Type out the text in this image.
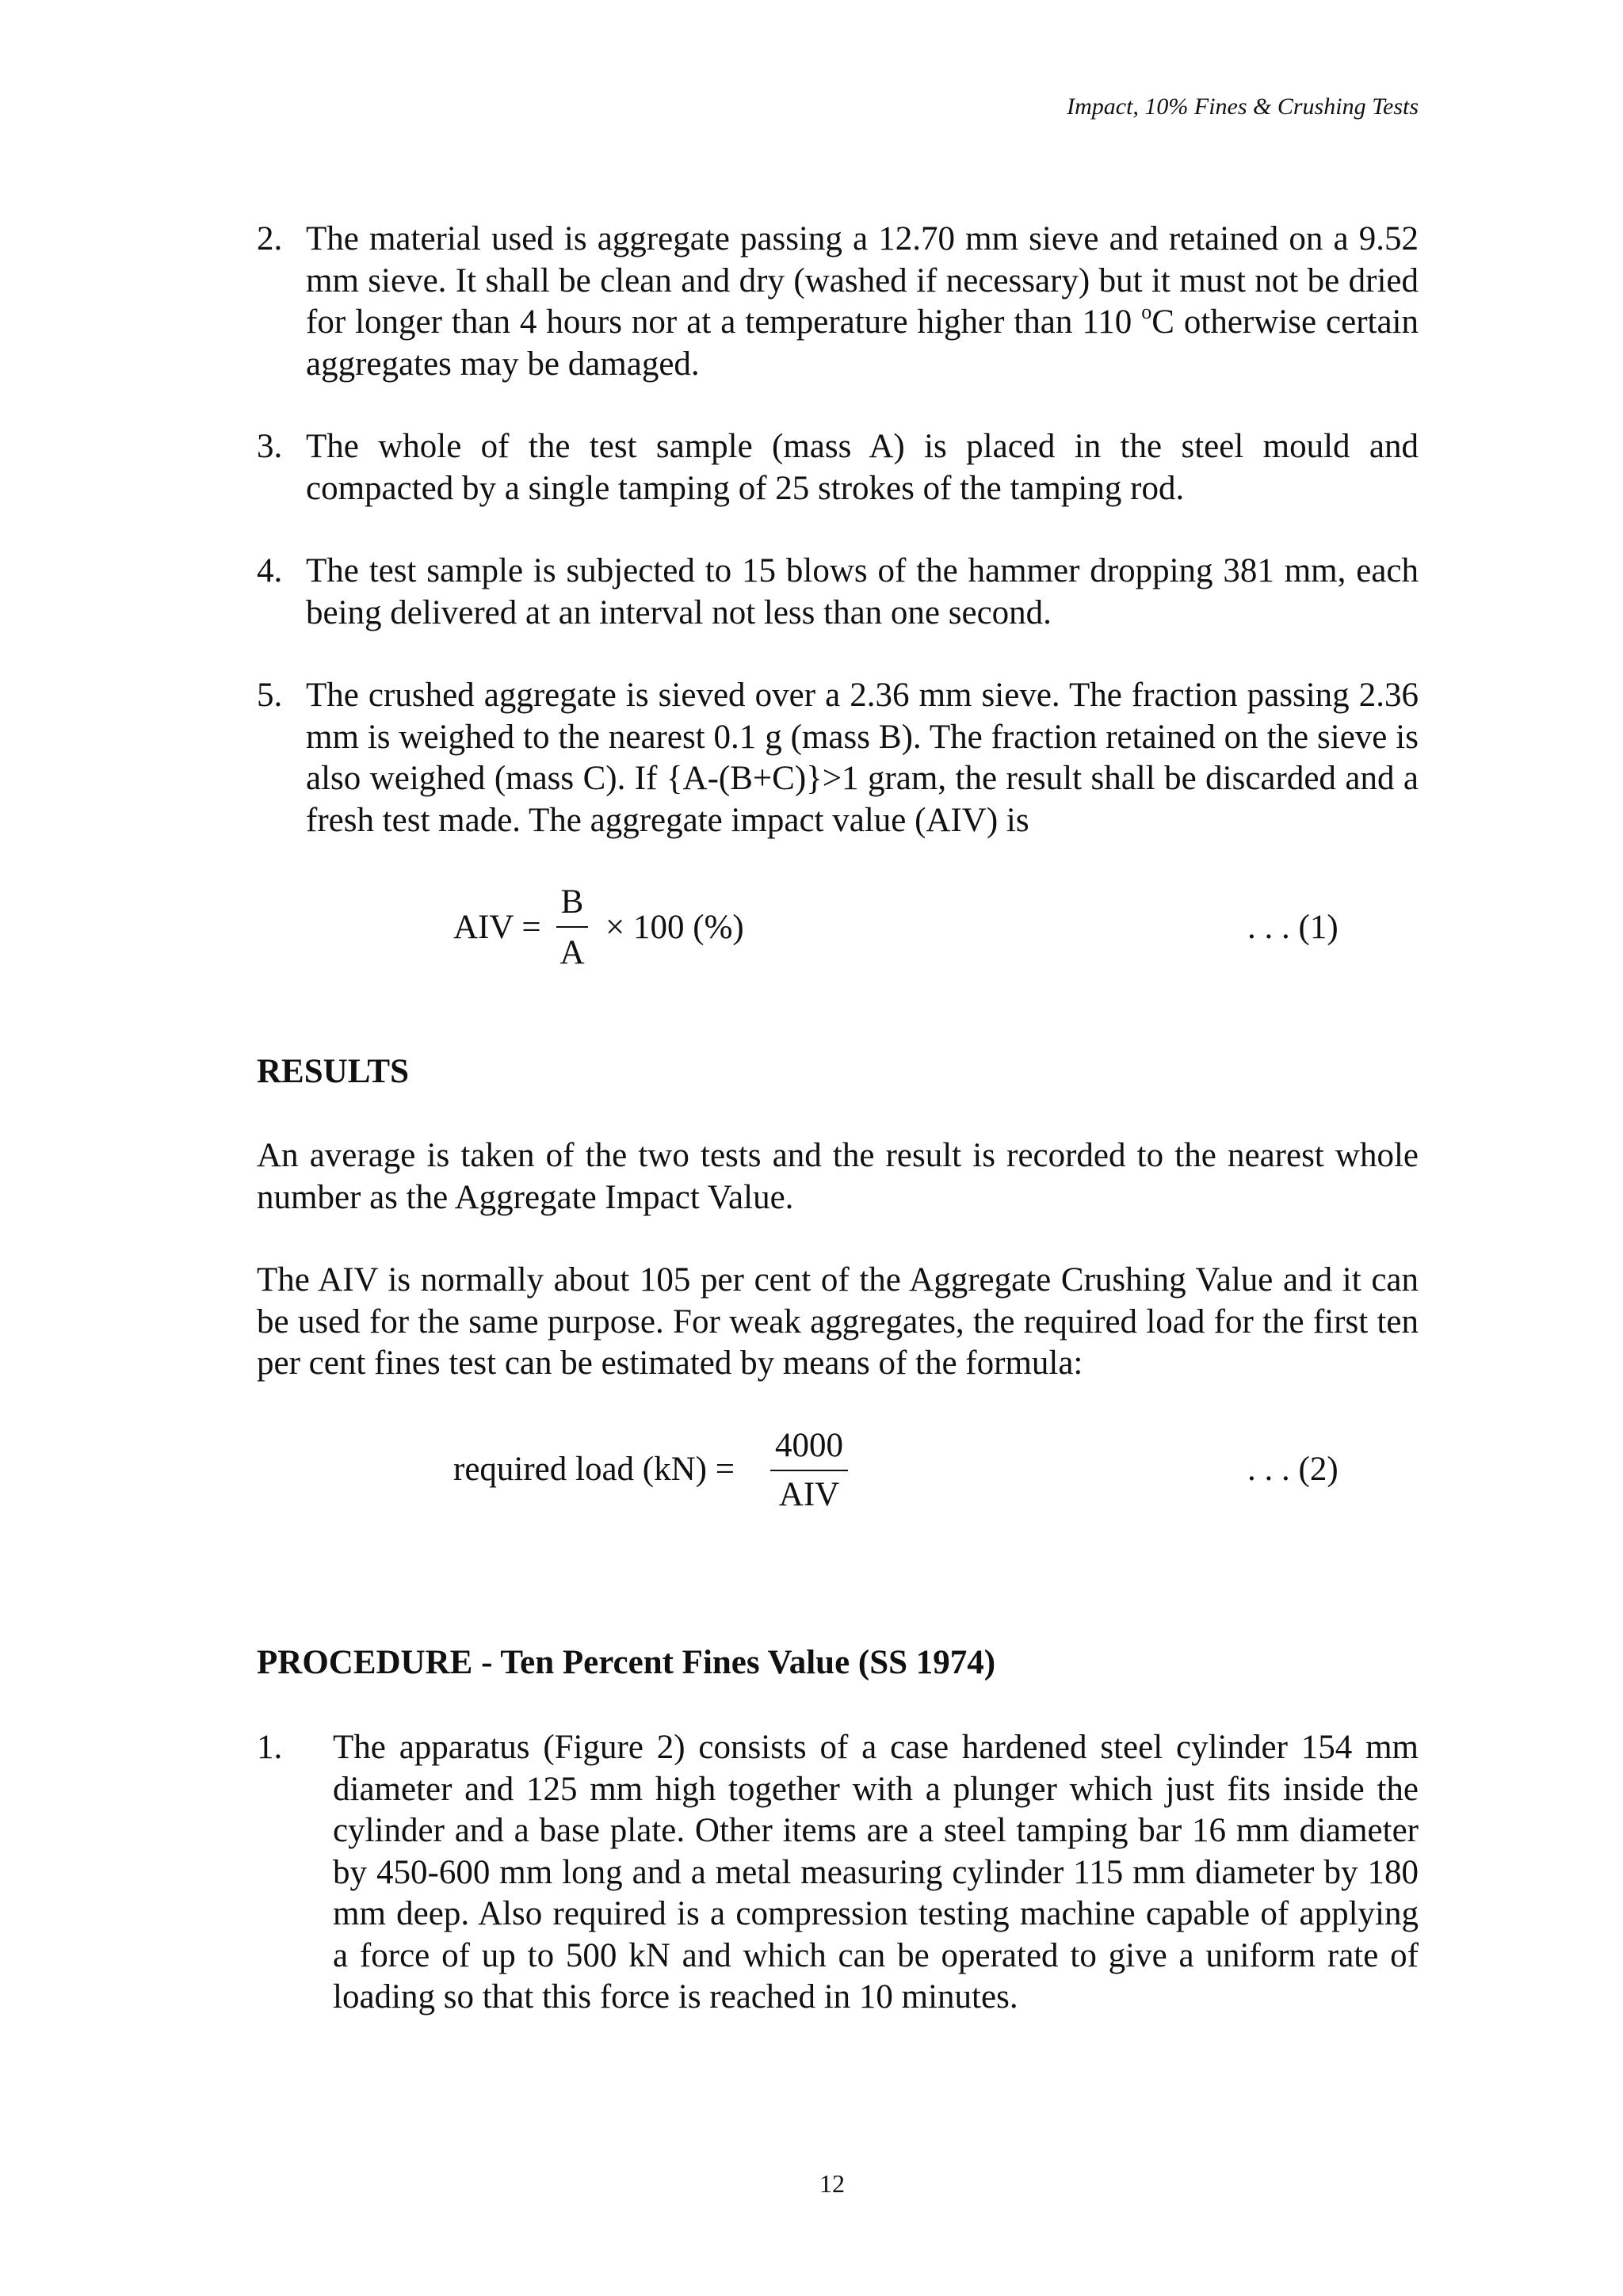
Impact, 10% Fines & Crushing Tests
2. The material used is aggregate passing a 12.70 mm sieve and retained on a 9.52 mm sieve. It shall be clean and dry (washed if necessary) but it must not be dried for longer than 4 hours nor at a temperature higher than 110 $^o$C otherwise certain aggregates may be damaged.
3. The whole of the test sample (mass A) is placed in the steel mould and compacted by a single tamping of 25 strokes of the tamping rod.
4. The test sample is subjected to 15 blows of the hammer dropping 381 mm, each being delivered at an interval not less than one second.
5. The crushed aggregate is sieved over a 2.36 mm sieve. The fraction passing 2.36 mm is weighed to the nearest 0.1 g (mass B). The fraction retained on the sieve is also weighed (mass C). If {A-(B+C)}>1 gram, the result shall be discarded and a fresh test made. The aggregate impact value (AIV) is
AIV =
B
A
× 100 (%)	. . . (1)
RESULTS
An average is taken of the two tests and the result is recorded to the nearest whole number as the Aggregate Impact Value.
The AIV is normally about 105 per cent of the Aggregate Crushing Value and it can be used for the same purpose. For weak aggregates, the required load for the first ten per cent fines test can be estimated by means of the formula:
required load (kN) =
4000
AIV
. . . (2)
PROCEDURE - Ten Percent Fines Value (SS 1974)
1. The apparatus (Figure 2) consists of a case hardened steel cylinder 154 mm diameter and 125 mm high together with a plunger which just fits inside the cylinder and a base plate. Other items are a steel tamping bar 16 mm diameter by 450-600 mm long and a metal measuring cylinder 115 mm diameter by 180 mm deep. Also required is a compression testing machine capable of applying a force of up to 500 kN and which can be operated to give a uniform rate of loading so that this force is reached in 10 minutes.
12
